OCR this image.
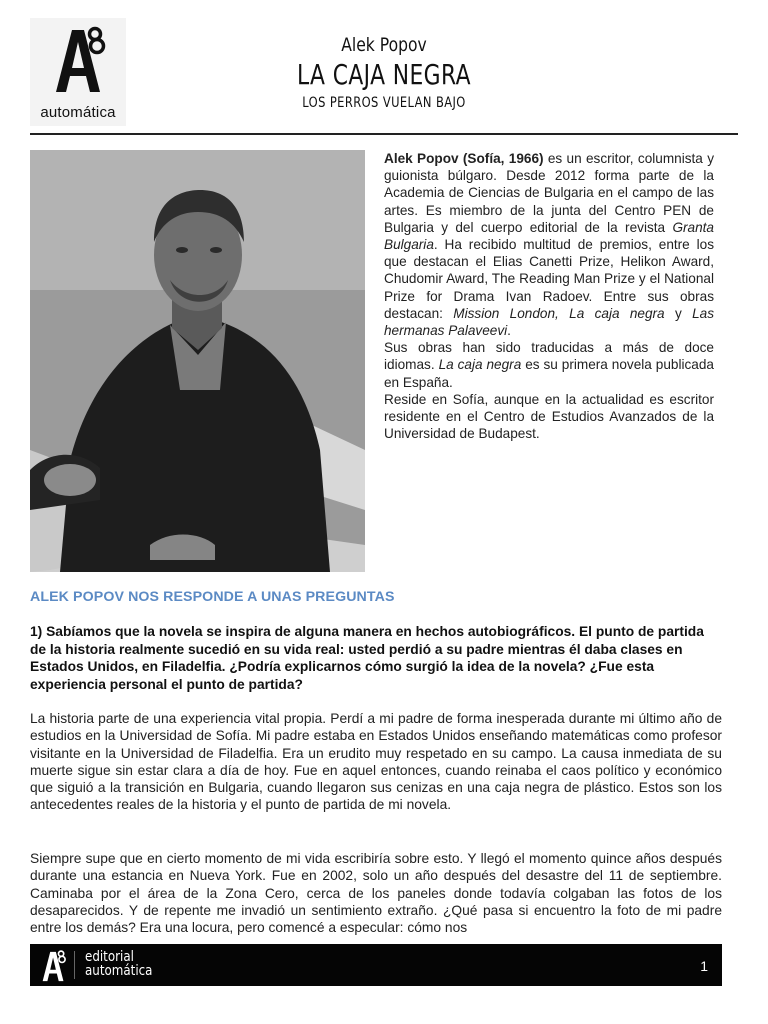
automática
Alek Popov
LA CAJA NEGRA
LOS PERROS VUELAN BAJO

Alek Popov (Sofía, 1966) es un escritor, columnista y guionista búlgaro. Desde 2012 forma parte de la Academia de Ciencias de Bulgaria en el campo de las artes. Es miembro de la junta del Centro PEN de Bulgaria y del cuerpo editorial de la revista Granta Bulgaria. Ha recibido multitud de premios, entre los que destacan el Elias Canetti Prize, Helikon Award, Chudomir Award, The Reading Man Prize y el National Prize for Drama Ivan Radoev. Entre sus obras destacan: Mission London, La caja negra y Las hermanas Palaveevi.

Sus obras han sido traducidas a más de doce idiomas. La caja negra es su primera novela publicada en España.

Reside en Sofía, aunque en la actualidad es escritor residente en el Centro de Estudios Avanzados de la Universidad de Budapest.

ALEK POPOV NOS RESPONDE A UNAS PREGUNTAS
1) Sabíamos que la novela se inspira de alguna manera en hechos autobiográficos. El punto de partida de la historia realmente sucedió en su vida real: usted perdió a su padre mientras él daba clases en Estados Unidos, en Filadelfia. ¿Podría explicarnos cómo surgió la idea de la novela? ¿Fue esta experiencia personal el punto de partida?
La historia parte de una experiencia vital propia. Perdí a mi padre de forma inesperada durante mi último año de estudios en la Universidad de Sofía. Mi padre estaba en Estados Unidos enseñando matemáticas como profesor visitante en la Universidad de Filadelfia. Era un erudito muy respetado en su campo. La causa inmediata de su muerte sigue sin estar clara a día de hoy. Fue en aquel entonces, cuando reinaba el caos político y económico que siguió a la transición en Bulgaria, cuando llegaron sus cenizas en una caja negra de plástico. Estos son los antecedentes reales de la historia y el punto de partida de mi novela.
Siempre supe que en cierto momento de mi vida escribiría sobre esto. Y llegó el momento quince años después durante una estancia en Nueva York. Fue en 2002, solo un año después del desastre del 11 de septiembre. Caminaba por el área de la Zona Cero, cerca de los paneles donde todavía colgaban las fotos de los desaparecidos. Y de repente me invadió un sentimiento extraño. ¿Qué pasa si encuentro la foto de mi padre entre los demás? Era una locura, pero comencé a especular: cómo nos
editorial
automática	1
